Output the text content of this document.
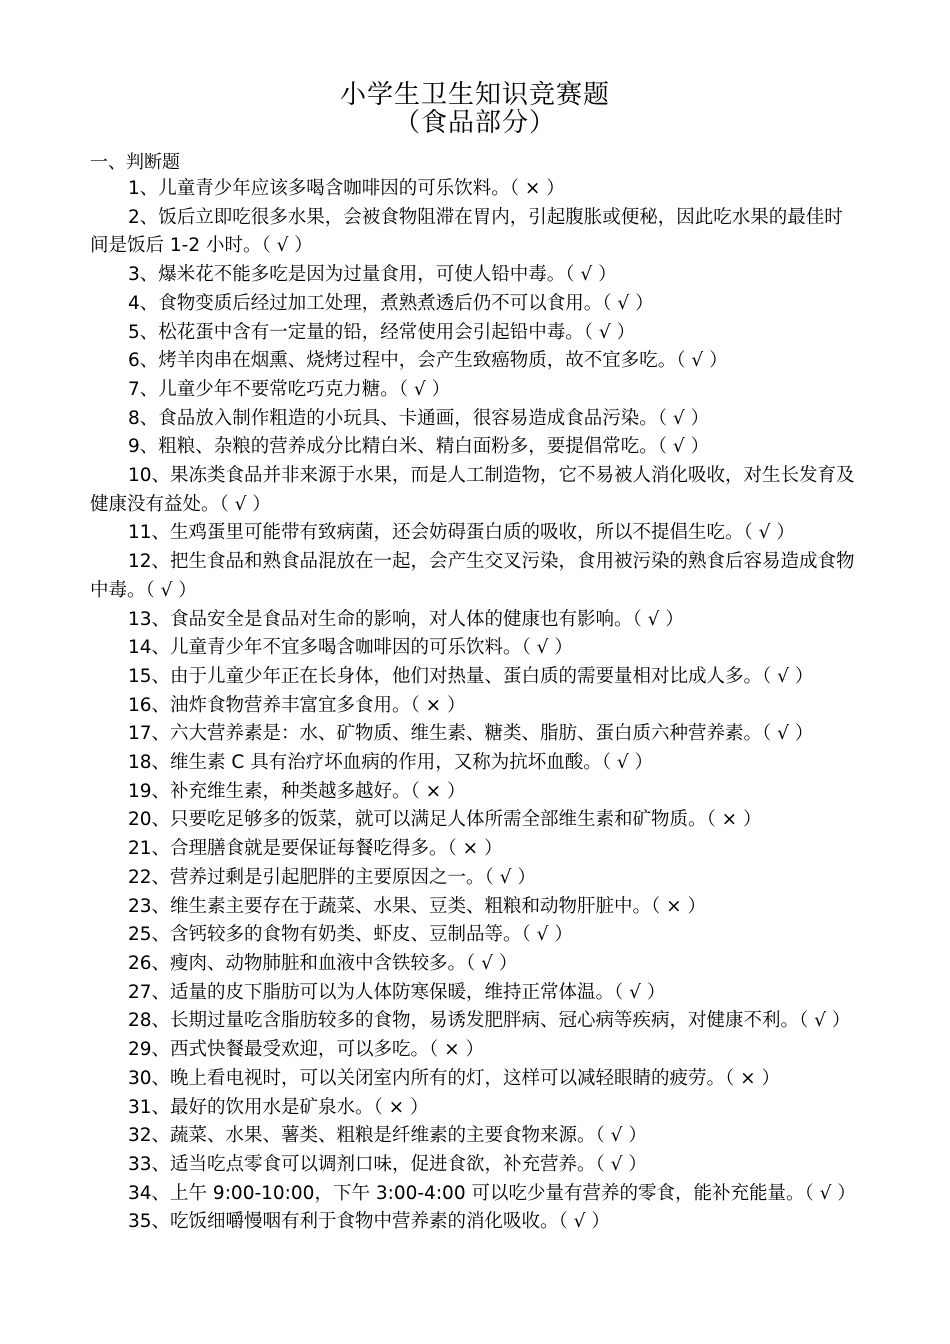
小学生卫生知识竞赛题
（食品部分）
一、判断题

1、儿童青少年应该多喝含咖啡因的可乐饮料。（ × ）

2、饭后立即吃很多水果，会被食物阻滞在胃内，引起腹胀或便秘，因此吃水果的最佳时间是饭后 1-2 小时。（ √ ）

3、爆米花不能多吃是因为过量食用，可使人铅中毒。（ √ ）

4、食物变质后经过加工处理，煮熟煮透后仍不可以食用。（ √ ）

5、松花蛋中含有一定量的铅，经常使用会引起铅中毒。（ √ ）

6、烤羊肉串在烟熏、烧烤过程中，会产生致癌物质，故不宜多吃。（ √ ）

7、儿童少年不要常吃巧克力糖。（ √ ）

8、食品放入制作粗造的小玩具、卡通画，很容易造成食品污染。（ √ ）

9、粗粮、杂粮的营养成分比精白米、精白面粉多，要提倡常吃。（ √ ）

10、果冻类食品并非来源于水果，而是人工制造物，它不易被人消化吸收，对生长发育及健康没有益处。（ √ ）

11、生鸡蛋里可能带有致病菌，还会妨碍蛋白质的吸收，所以不提倡生吃。（ √ ）

12、把生食品和熟食品混放在一起，会产生交叉污染，食用被污染的熟食后容易造成食物中毒。（ √ ）

13、食品安全是食品对生命的影响，对人体的健康也有影响。（ √ ）

14、儿童青少年不宜多喝含咖啡因的可乐饮料。（ √ ）

15、由于儿童少年正在长身体，他们对热量、蛋白质的需要量相对比成人多。（ √ ）

16、油炸食物营养丰富宜多食用。（ × ）

17、六大营养素是：水、矿物质、维生素、糖类、脂肪、蛋白质六种营养素。（ √ ）

18、维生素 C 具有治疗坏血病的作用，又称为抗坏血酸。（ √ ）

19、补充维生素，种类越多越好。（ × ）

20、只要吃足够多的饭菜，就可以满足人体所需全部维生素和矿物质。（ × ）

21、合理膳食就是要保证每餐吃得多。（ × ）

22、营养过剩是引起肥胖的主要原因之一。（ √ ）

23、维生素主要存在于蔬菜、水果、豆类、粗粮和动物肝脏中。（ × ）

25、含钙较多的食物有奶类、虾皮、豆制品等。（ √ ）

26、瘦肉、动物肺脏和血液中含铁较多。（ √ ）

27、适量的皮下脂肪可以为人体防寒保暖，维持正常体温。（ √ ）

28、长期过量吃含脂肪较多的食物，易诱发肥胖病、冠心病等疾病，对健康不利。（ √ ）

29、西式快餐最受欢迎，可以多吃。（ × ）

30、晚上看电视时，可以关闭室内所有的灯，这样可以减轻眼睛的疲劳。（ × ）

31、最好的饮用水是矿泉水。（ × ）

32、蔬菜、水果、薯类、粗粮是纤维素的主要食物来源。（ √ ）

33、适当吃点零食可以调剂口味，促进食欲，补充营养。（ √ ）

34、上午 9:00-10:00，下午 3:00-4:00 可以吃少量有营养的零食，能补充能量。（ √ ）

35、吃饭细嚼慢咽有利于食物中营养素的消化吸收。（ √ ）
